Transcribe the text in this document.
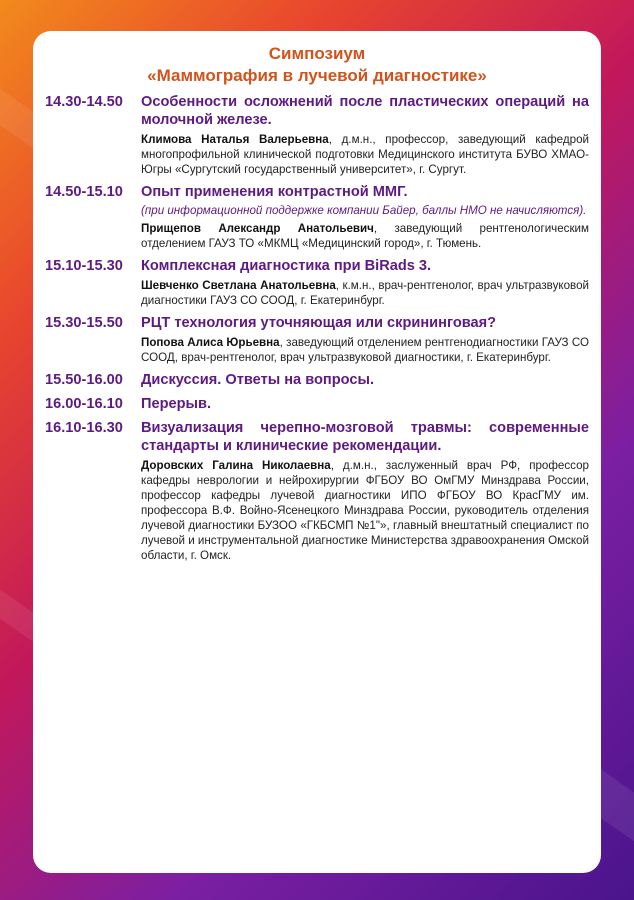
Симпозиум
«Маммография в лучевой диагностике»
14.30-14.50	Особенности осложнений после пластических операций на молочной железе.
Климова Наталья Валерьевна, д.м.н., профессор, заведующий кафедрой многопрофильной клинической подготовки Медицинского института БУВО ХМАО-Югры «Сургутский государственный университет», г. Сургут.
14.50-15.10	Опыт применения контрастной ММГ.
(при информационной поддержке компании Байер, баллы НМО не начисляются).
Прищепов Александр Анатольевич, заведующий рентгенологическим отделением ГАУЗ ТО «МКМЦ «Медицинский город», г. Тюмень.
15.10-15.30	Комплексная диагностика при BiRads 3.
Шевченко Светлана Анатольевна, к.м.н., врач-рентгенолог, врач ультразвуковой диагностики ГАУЗ СО СООД, г. Екатеринбург.
15.30-15.50	РЦТ технология уточняющая или скрининговая?
Попова Алиса Юрьевна, заведующий отделением рентгенодиагностики ГАУЗ СО СООД, врач-рентгенолог, врач ультразвуковой диагностики, г. Екатеринбург.
15.50-16.00	Дискуссия. Ответы на вопросы.
16.00-16.10	Перерыв.
16.10-16.30	Визуализация черепно-мозговой травмы: современные стандарты и клинические рекомендации.
Доровских Галина Николаевна, д.м.н., заслуженный врач РФ, профессор кафедры неврологии и нейрохирургии ФГБОУ ВО ОмГМУ Минздрава России, профессор кафедры лучевой диагностики ИПО ФГБОУ ВО КрасГМУ им. профессора В.Ф. Войно-Ясенецкого Минздрава России, руководитель отделения лучевой диагностики БУЗОО «ГКБСМП №1"», главный внештатный специалист по лучевой и инструментальной диагностике Министерства здравоохранения Омской области, г. Омск.
